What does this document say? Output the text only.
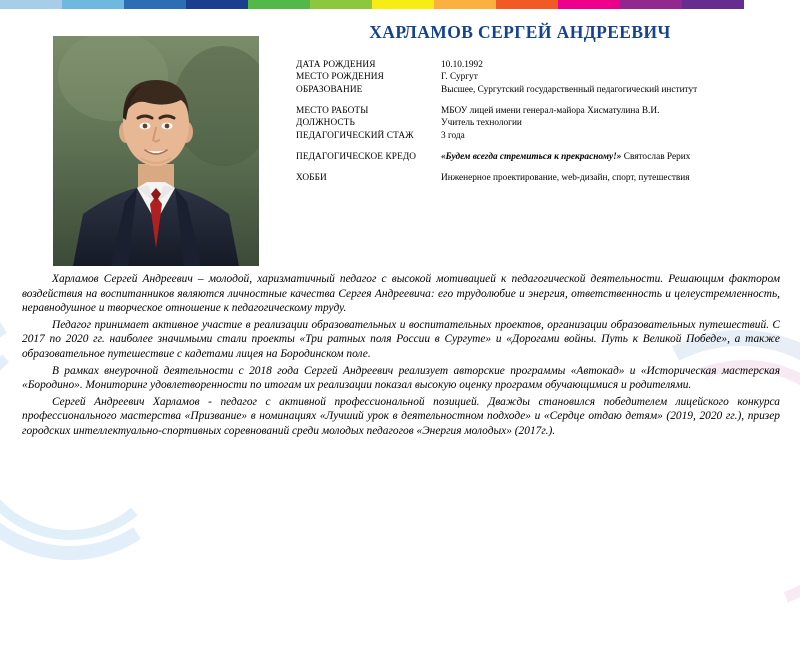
ХАРЛАМОВ СЕРГЕЙ АНДРЕЕВИЧ
ДАТА РОЖДЕНИЯ	10.10.1992
МЕСТО РОЖДЕНИЯ	Г. Сургут
ОБРАЗОВАНИЕ	Высшее, Сургутский государственный педагогический институт

МЕСТО РАБОТЫ	МБОУ лицей имени генерал-майора Хисматулина В.И.
ДОЛЖНОСТЬ	Учитель технологии
ПЕДАГОГИЧЕСКИЙ СТАЖ	3 года

ПЕДАГОГИЧЕСКОЕ КРЕДО	«Будем всегда стремиться к прекрасному!» Святослав Рерих

ХОББИ	Инженерное проектирование, web-дизайн, спорт, путешествия

Харламов Сергей Андреевич – молодой, харизматичный педагог с высокой мотивацией к педагогической деятельности. Решающим фактором воздействия на воспитанников являются личностные качества Сергея Андреевича: его трудолюбие и энергия, ответственность и целеустремленность, неравнодушное и творческое отношение к педагогическому труду.

Педагог принимает активное участие в реализации образовательных и воспитательных проектов, организации образовательных путешествий. С 2017 по 2020 гг. наиболее значимыми стали проекты «Три ратных поля России в Сургуте» и «Дорогами войны. Путь к Великой Победе», а также образовательное путешествие с кадетами лицея на Бородинском поле.

В рамках внеурочной деятельности с 2018 года Сергей Андреевич реализует авторские программы «Автокад» и «Историческая мастерская «Бородино». Мониторинг удовлетворенности по итогам их реализации показал высокую оценку программ обучающимися и родителями.

Сергей Андреевич Харламов - педагог с активной профессиональной позицией. Дважды становился победителем лицейского конкурса профессионального мастерства «Призвание» в номинациях «Лучший урок в деятельностном подходе» и «Сердце отдаю детям» (2019, 2020 гг.), призер городских интеллектуально-спортивных соревнований среди молодых педагогов «Энергия молодых» (2017г.).
